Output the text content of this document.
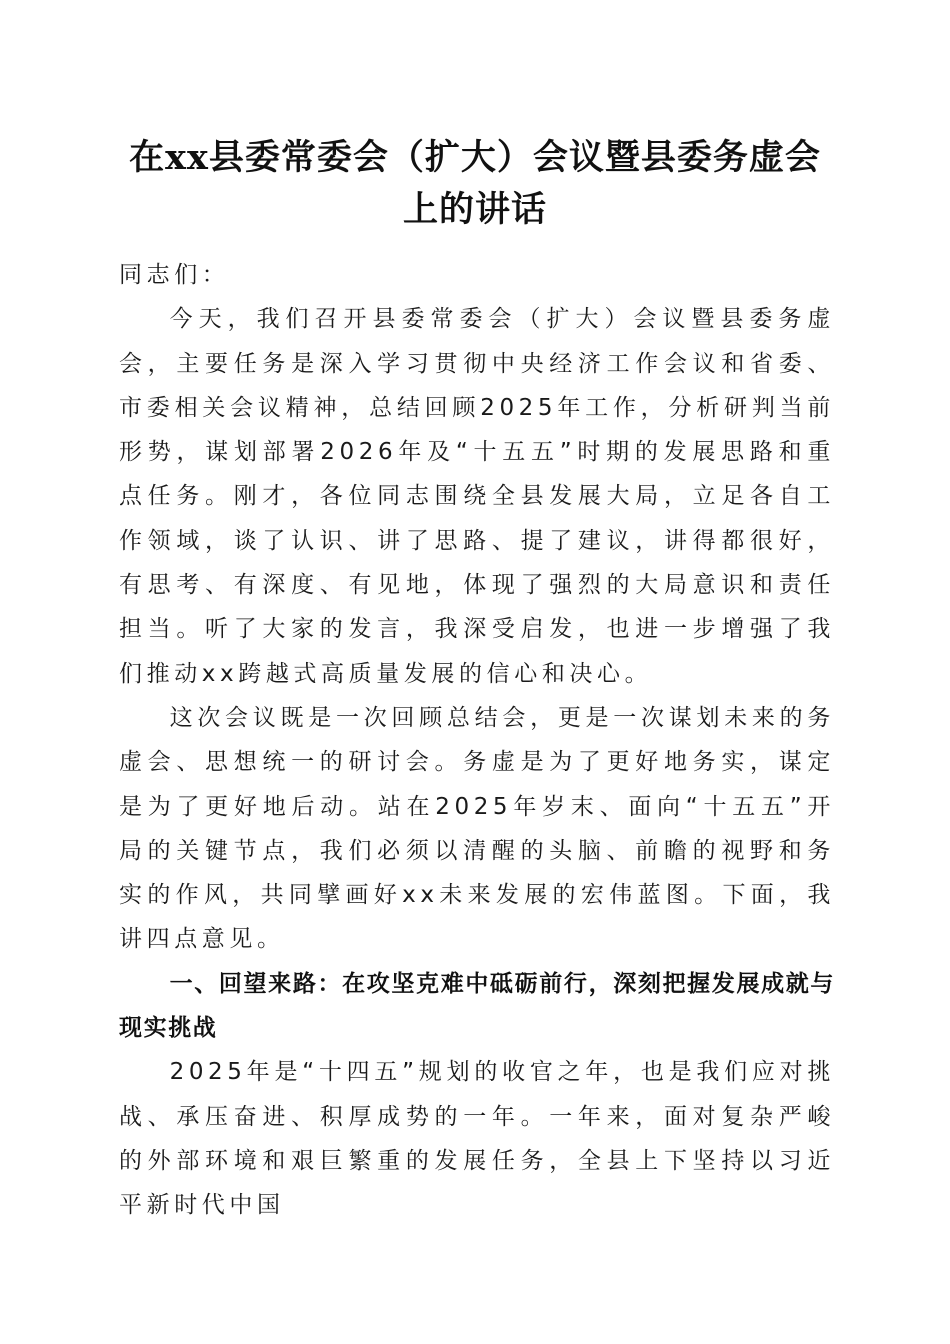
在xx县委常委会（扩大）会议暨县委务虚会
上的讲话

同志们：

今天，我们召开县委常委会（扩大）会议暨县委务虚会，主要任务是深入学习贯彻中央经济工作会议和省委、市委相关会议精神，总结回顾2025年工作，分析研判当前形势，谋划部署2026年及“十五五”时期的发展思路和重点任务。刚才，各位同志围绕全县发展大局，立足各自工作领域，谈了认识、讲了思路、提了建议，讲得都很好，有思考、有深度、有见地，体现了强烈的大局意识和责任担当。听了大家的发言，我深受启发，也进一步增强了我们推动xx跨越式高质量发展的信心和决心。

这次会议既是一次回顾总结会，更是一次谋划未来的务虚会、思想统一的研讨会。务虚是为了更好地务实，谋定是为了更好地后动。站在2025年岁末、面向“十五五”开局的关键节点，我们必须以清醒的头脑、前瞻的视野和务实的作风，共同擘画好xx未来发展的宏伟蓝图。下面，我讲四点意见。

一、回望来路：在攻坚克难中砥砺前行，深刻把握发展成就与现实挑战

2025年是“十四五”规划的收官之年，也是我们应对挑战、承压奋进、积厚成势的一年。一年来，面对复杂严峻的外部环境和艰巨繁重的发展任务，全县上下坚持以习近平新时代中国
